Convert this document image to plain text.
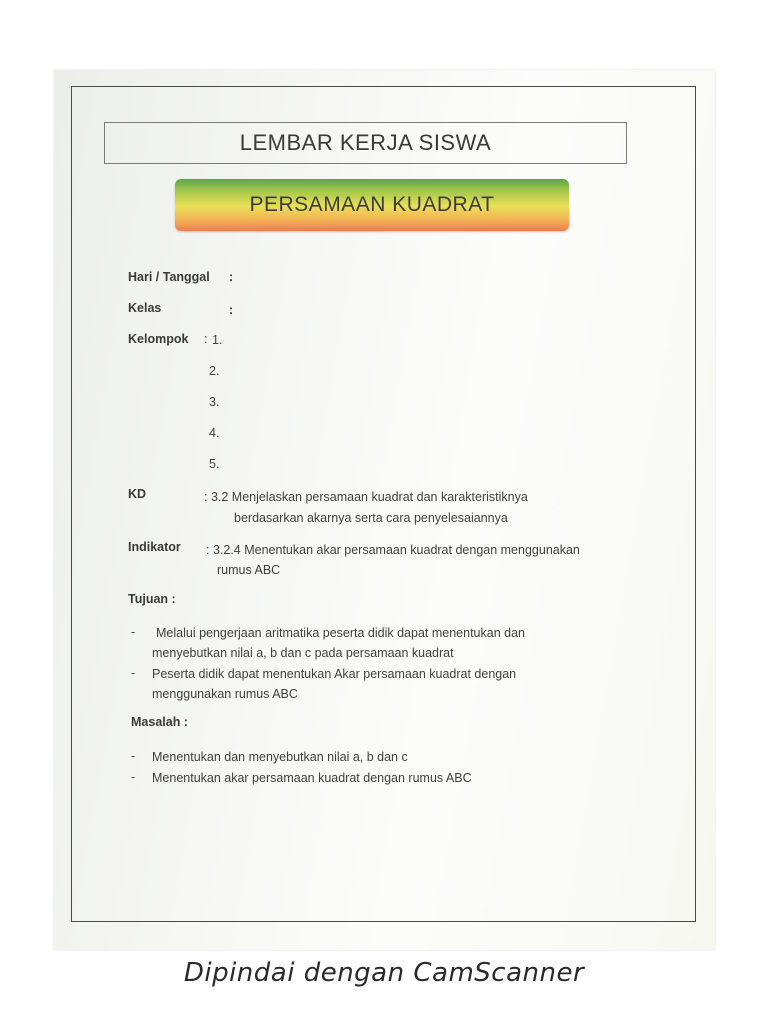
LEMBAR KERJA SISWA
PERSAMAAN KUADRAT
Hari / Tanggal :
Kelas	:
Kelompok : 1.
2.
3.
4.
5.
KD	: 3.2 Menjelaskan persamaan kuadrat dan karakteristiknya
berdasarkan akarnya serta cara penyelesaiannya
Indikator : 3.2.4 Menentukan akar persamaan kuadrat dengan menggunakan
rumus ABC
Tujuan :
- Melalui pengerjaan aritmatika peserta didik dapat menentukan dan
menyebutkan nilai a, b dan c pada persamaan kuadrat
- Peserta didik dapat menentukan Akar persamaan kuadrat dengan
menggunakan rumus ABC
Masalah :
- Menentukan dan menyebutkan nilai a, b dan c
- Menentukan akar persamaan kuadrat dengan rumus ABC
Dipindai dengan CamScanner
